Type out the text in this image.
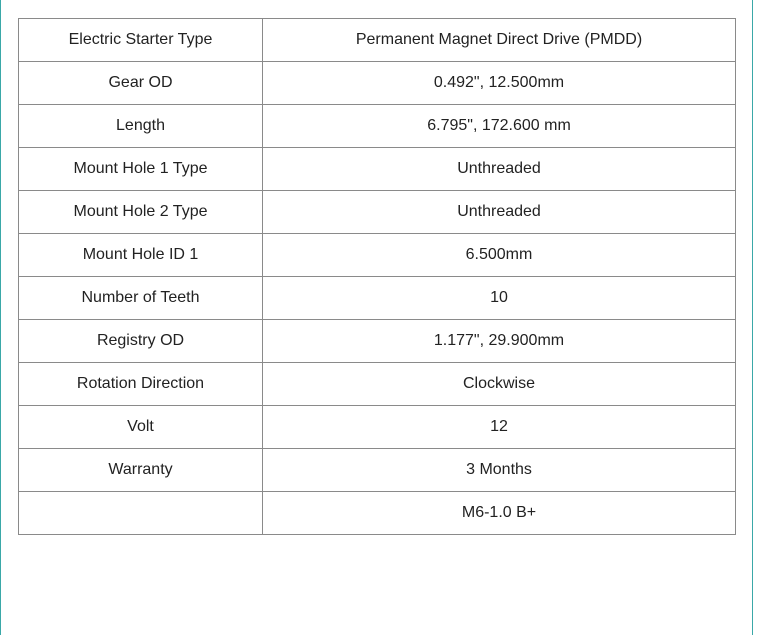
Electric Starter Type	Permanent Magnet Direct Drive (PMDD)
Gear OD	0.492", 12.500mm
Length	6.795", 172.600 mm
Mount Hole 1 Type	Unthreaded
Mount Hole 2 Type	Unthreaded
Mount Hole ID 1	6.500mm
Number of Teeth	10
Registry OD	1.177", 29.900mm
Rotation Direction	Clockwise
Volt	12
Warranty	3 Months
	M6-1.0 B+
